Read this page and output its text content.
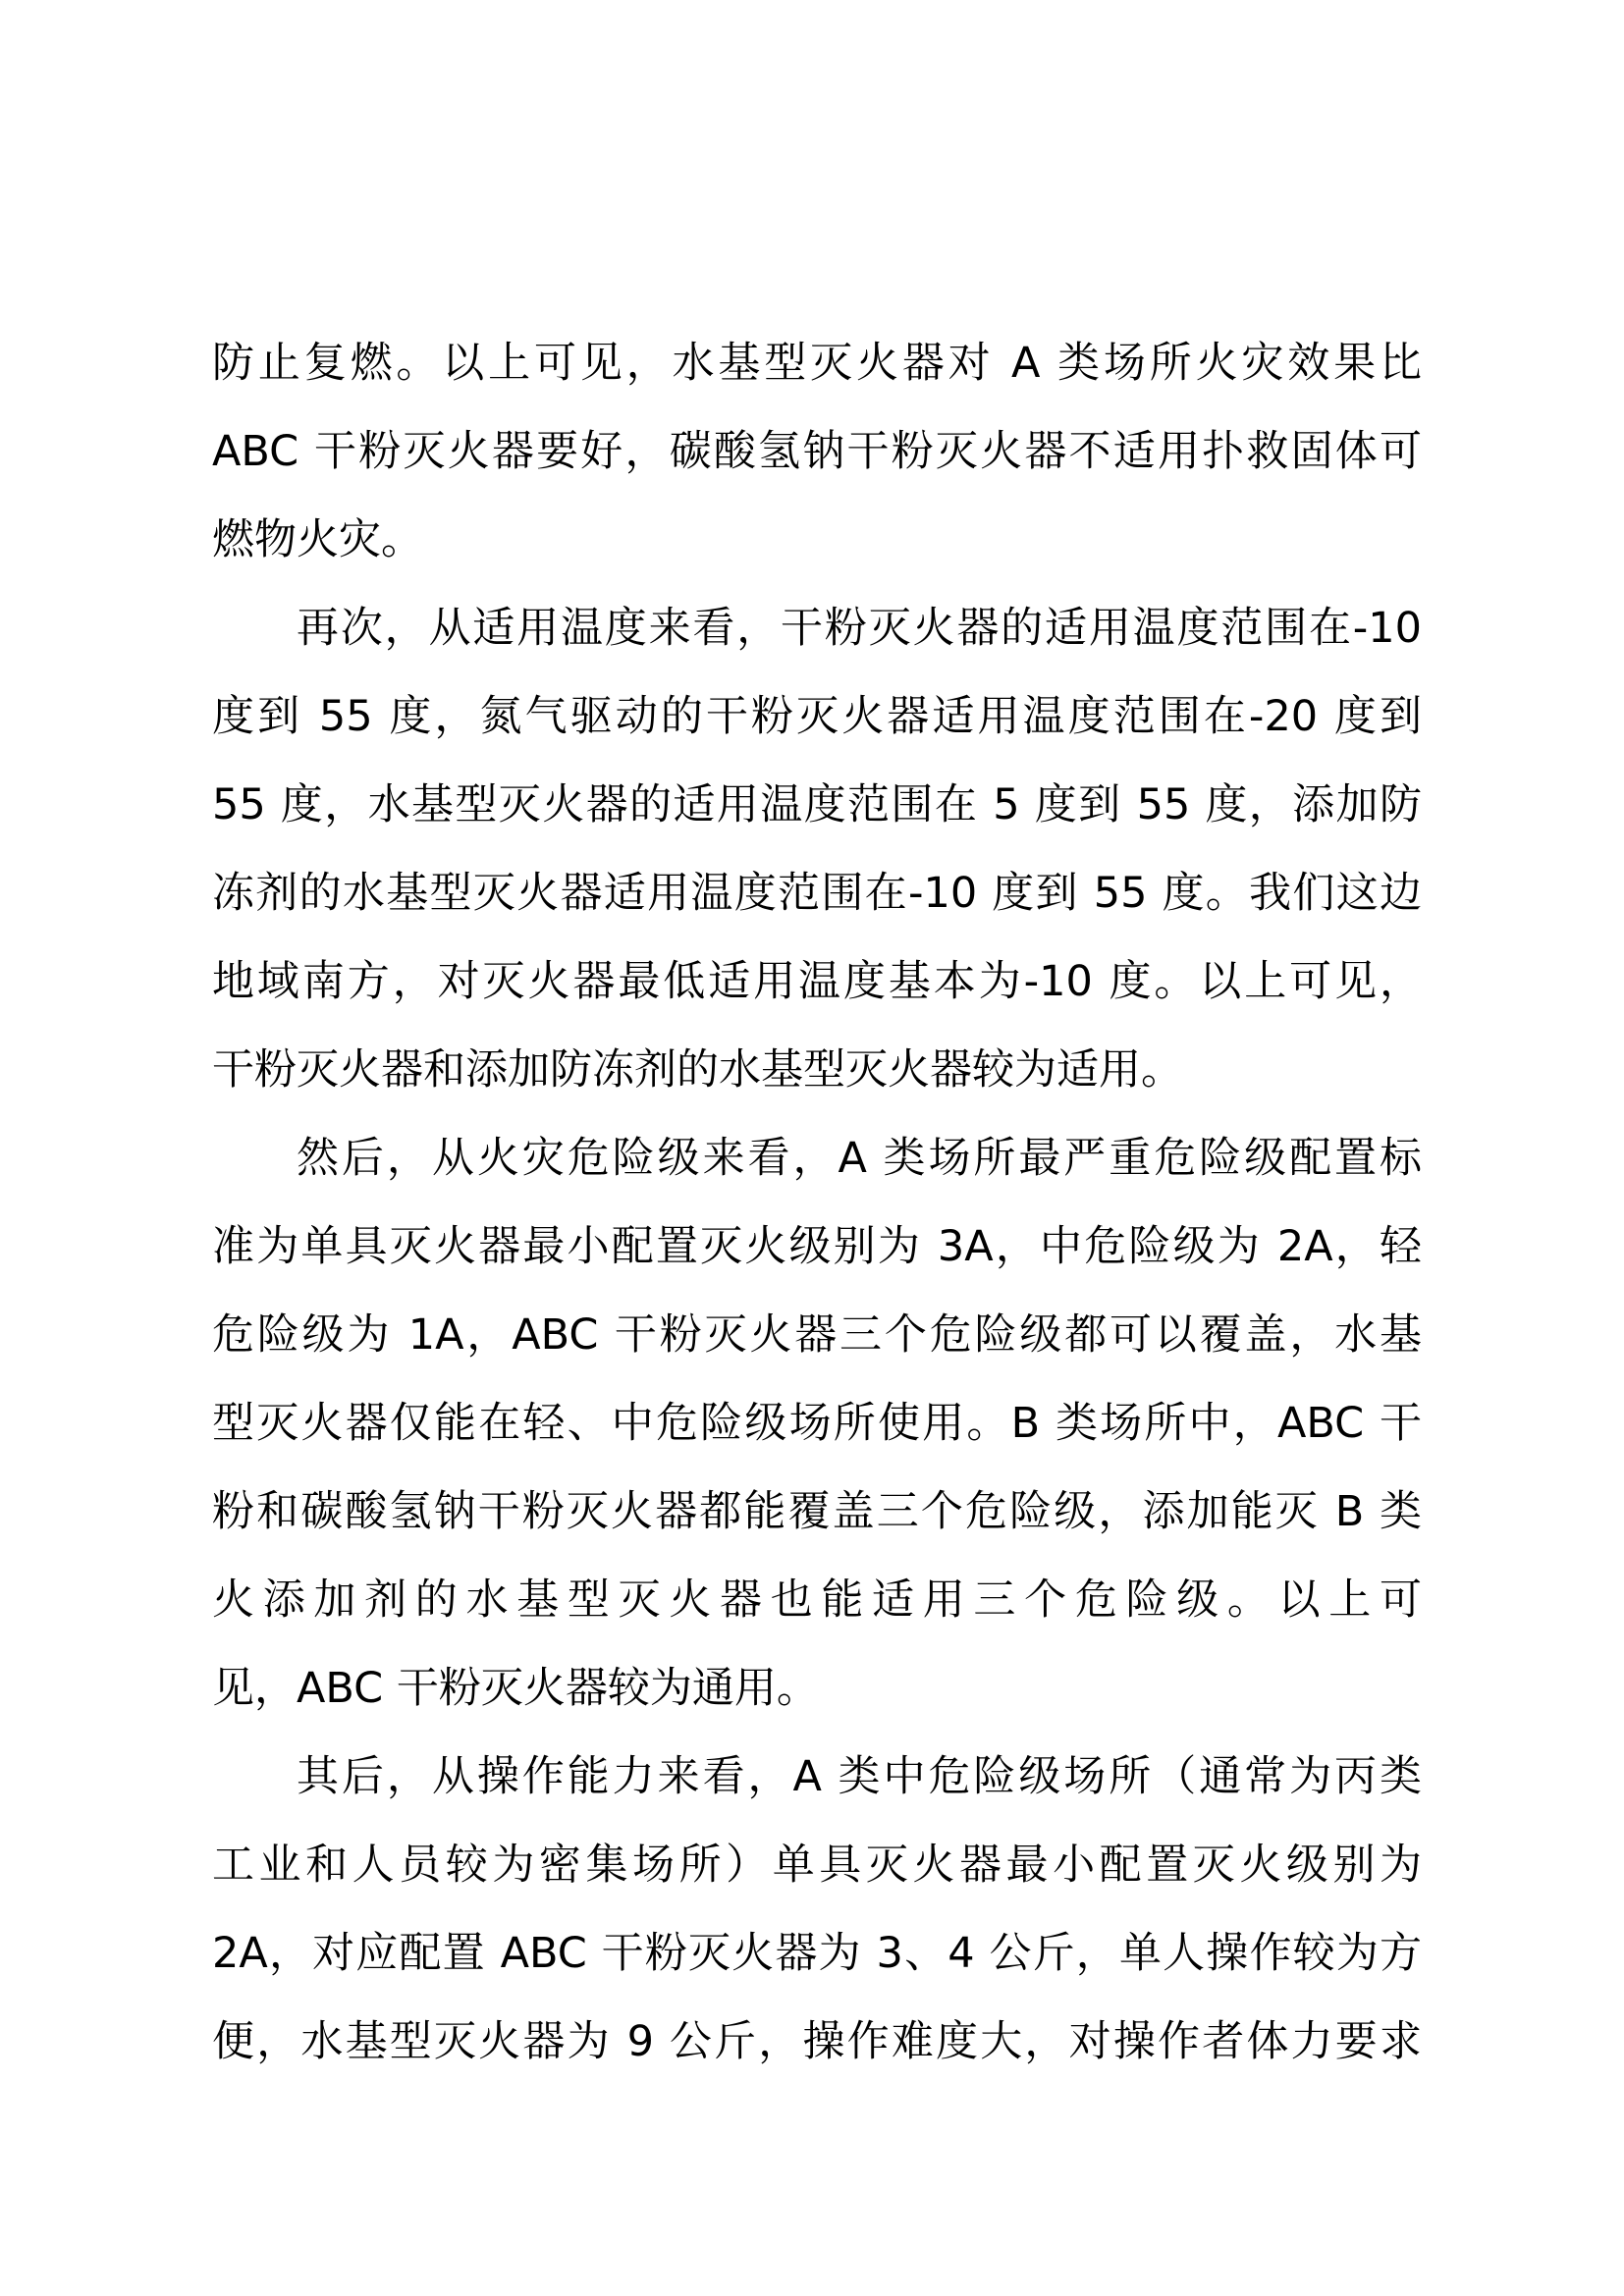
防止复燃。以上可见，水基型灭火器对 A 类场所火灾效果比
ABC 干粉灭火器要好，碳酸氢钠干粉灭火器不适用扑救固体可
燃物火灾。
再次，从适用温度来看，干粉灭火器的适用温度范围在-10
度到 55 度，氮气驱动的干粉灭火器适用温度范围在-20 度到
55 度，水基型灭火器的适用温度范围在 5 度到 55 度，添加防
冻剂的水基型灭火器适用温度范围在-10 度到 55 度。我们这边
地域南方，对灭火器最低适用温度基本为-10 度。以上可见，
干粉灭火器和添加防冻剂的水基型灭火器较为适用。
然后，从火灾危险级来看，A 类场所最严重危险级配置标
准为单具灭火器最小配置灭火级别为 3A，中危险级为 2A，轻
危险级为 1A，ABC 干粉灭火器三个危险级都可以覆盖，水基
型灭火器仅能在轻、中危险级场所使用。B 类场所中，ABC 干
粉和碳酸氢钠干粉灭火器都能覆盖三个危险级，添加能灭 B 类
火添加剂的水基型灭火器也能适用三个危险级。以上可
见，ABC 干粉灭火器较为通用。
其后，从操作能力来看，A 类中危险级场所（通常为丙类
工业和人员较为密集场所）单具灭火器最小配置灭火级别为
2A，对应配置 ABC 干粉灭火器为 3、4 公斤，单人操作较为方
便，水基型灭火器为 9 公斤，操作难度大，对操作者体力要求
